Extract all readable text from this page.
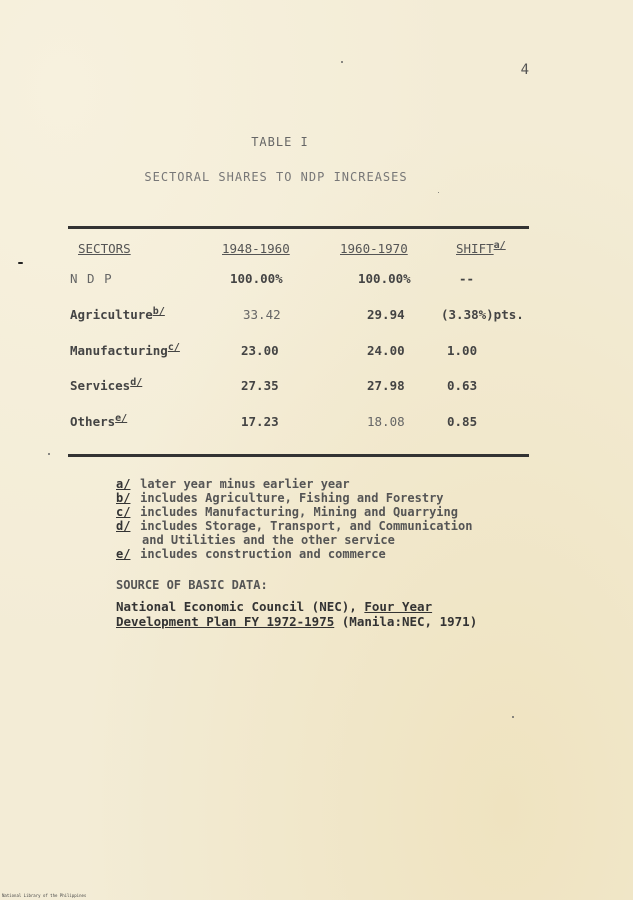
4
TABLE I
SECTORAL SHARES TO NDP INCREASES
SECTORS	1948-1960	1960-1970	$SHIFT^{a/}$
N D P	100.00%	100.00%	--
Agriculture$^{b/}$	33.42	29.94	(3.38%)pts.
Manufacturing$^{c/}$	23.00	24.00	1.00
Services$^{d/}$	27.35	27.98	0.63
Others$^{e/}$	17.23	18.08	0.85
a/ later year minus earlier year
b/ includes Agriculture, Fishing and Forestry
c/ includes Manufacturing, Mining and Quarrying
d/ includes Storage, Transport, and Communication
and Utilities and the other service
e/ includes construction and commerce
SOURCE OF BASIC DATA:
National Economic Council (NEC), Four Year
Development Plan FY 1972-1975 (Manila:NEC, 1971)
National Library of the Philippines
